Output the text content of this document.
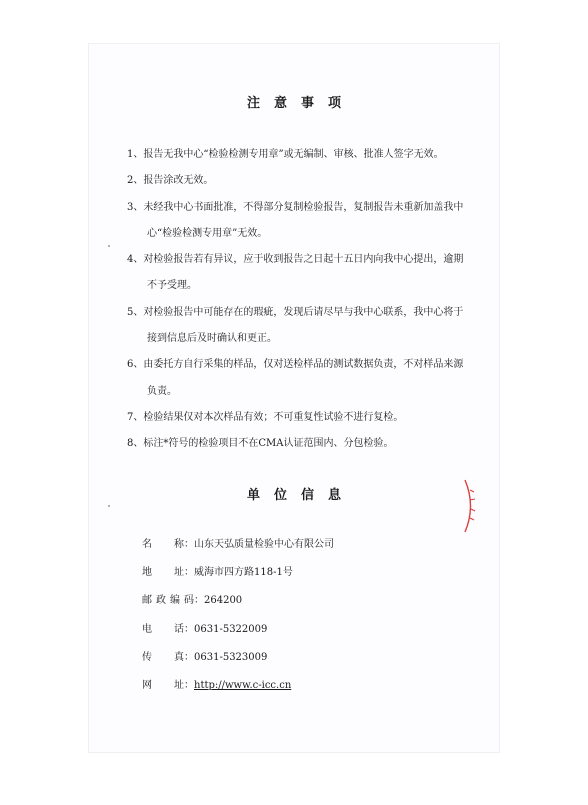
注意事项
1、报告无我中心“检验检测专用章”或无编制、审核、批准人签字无效。
2、报告涂改无效。
3、未经我中心书面批准，不得部分复制检验报告，复制报告未重新加盖我中心“检验检测专用章”无效。
4、对检验报告若有异议，应于收到报告之日起十五日内向我中心提出，逾期不予受理。
5、对检验报告中可能存在的瑕疵，发现后请尽早与我中心联系，我中心将于接到信息后及时确认和更正。
6、由委托方自行采集的样品，仅对送检样品的测试数据负责，不对样品来源负责。
7、检验结果仅对本次样品有效；不可重复性试验不进行复检。
8、标注*符号的检验项目不在CMA认证范围内、分包检验。
单位信息
名 称：山东天弘质量检验中心有限公司
地 址：威海市四方路118-1号
邮政编码：264200
电 话：0631-5322009
传 真：0631-5323009
网 址：http://www.c-icc.cn
